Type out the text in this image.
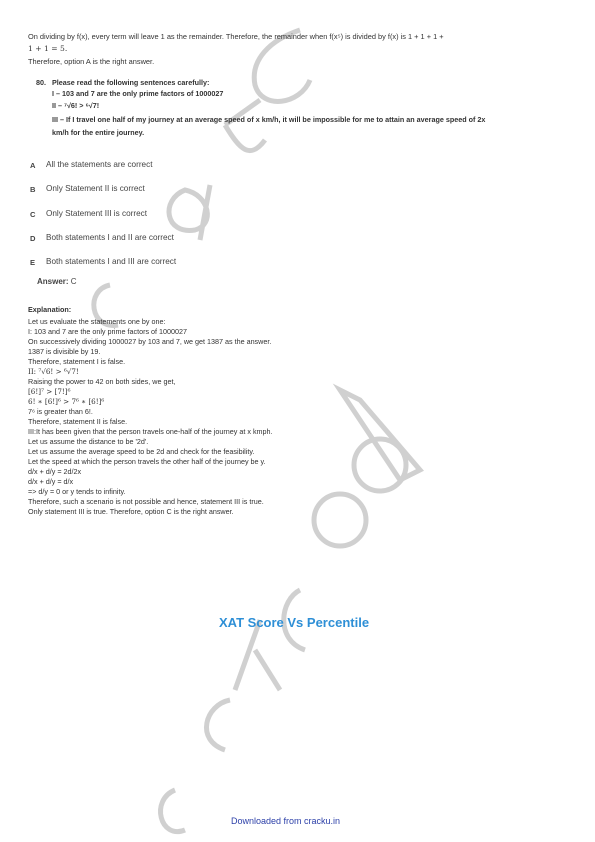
On dividing by f(x), every term will leave 1 as the remainder. Therefore, the remainder when f(x⁵) is divided by f(x) is 1 + 1 + 1 +
1 + 1 = 5.
Therefore, option A is the right answer.
80. Please read the following sentences carefully:
I – 103 and 7 are the only prime factors of 1000027
II – ⁷√6! > ⁶√7!
III – If I travel one half of my journey at an average speed of x km/h, it will be impossible for me to attain an average speed of 2x
km/h for the entire journey.
A All the statements are correct
B Only Statement II is correct
C Only Statement III is correct
D Both statements I and II are correct
E Both statements I and III are correct
Answer: C
Explanation:
Let us evaluate the statements one by one:
I: 103 and 7 are the only prime factors of 1000027
On successively dividing 1000027 by 103 and 7, we get 1387 as the answer.
1387 is divisible by 19.
Therefore, statement I is false.
II: ⁷√6! > ⁶√7!
Raising the power to 42 on both sides, we get,
[6!]⁷ > [7!]⁶
6! ∗ [6!]⁶ > 7⁶ ∗ [6!]⁶
7⁶ is greater than 6!.
Therefore, statement II is false.
III:It has been given that the person travels one-half of the journey at x kmph.
Let us assume the distance to be '2d'.
Let us assume the average speed to be 2d and check for the feasibility.
Let the speed at which the person travels the other half of the journey be y.
d/x + d/y = 2d/2x
d/x + d/y = d/x
=> d/y = 0 or y tends to infinity.
Therefore, such a scenario is not possible and hence, statement III is true.
Only statement III is true. Therefore, option C is the right answer.
XAT Score Vs Percentile
Downloaded from cracku.in
